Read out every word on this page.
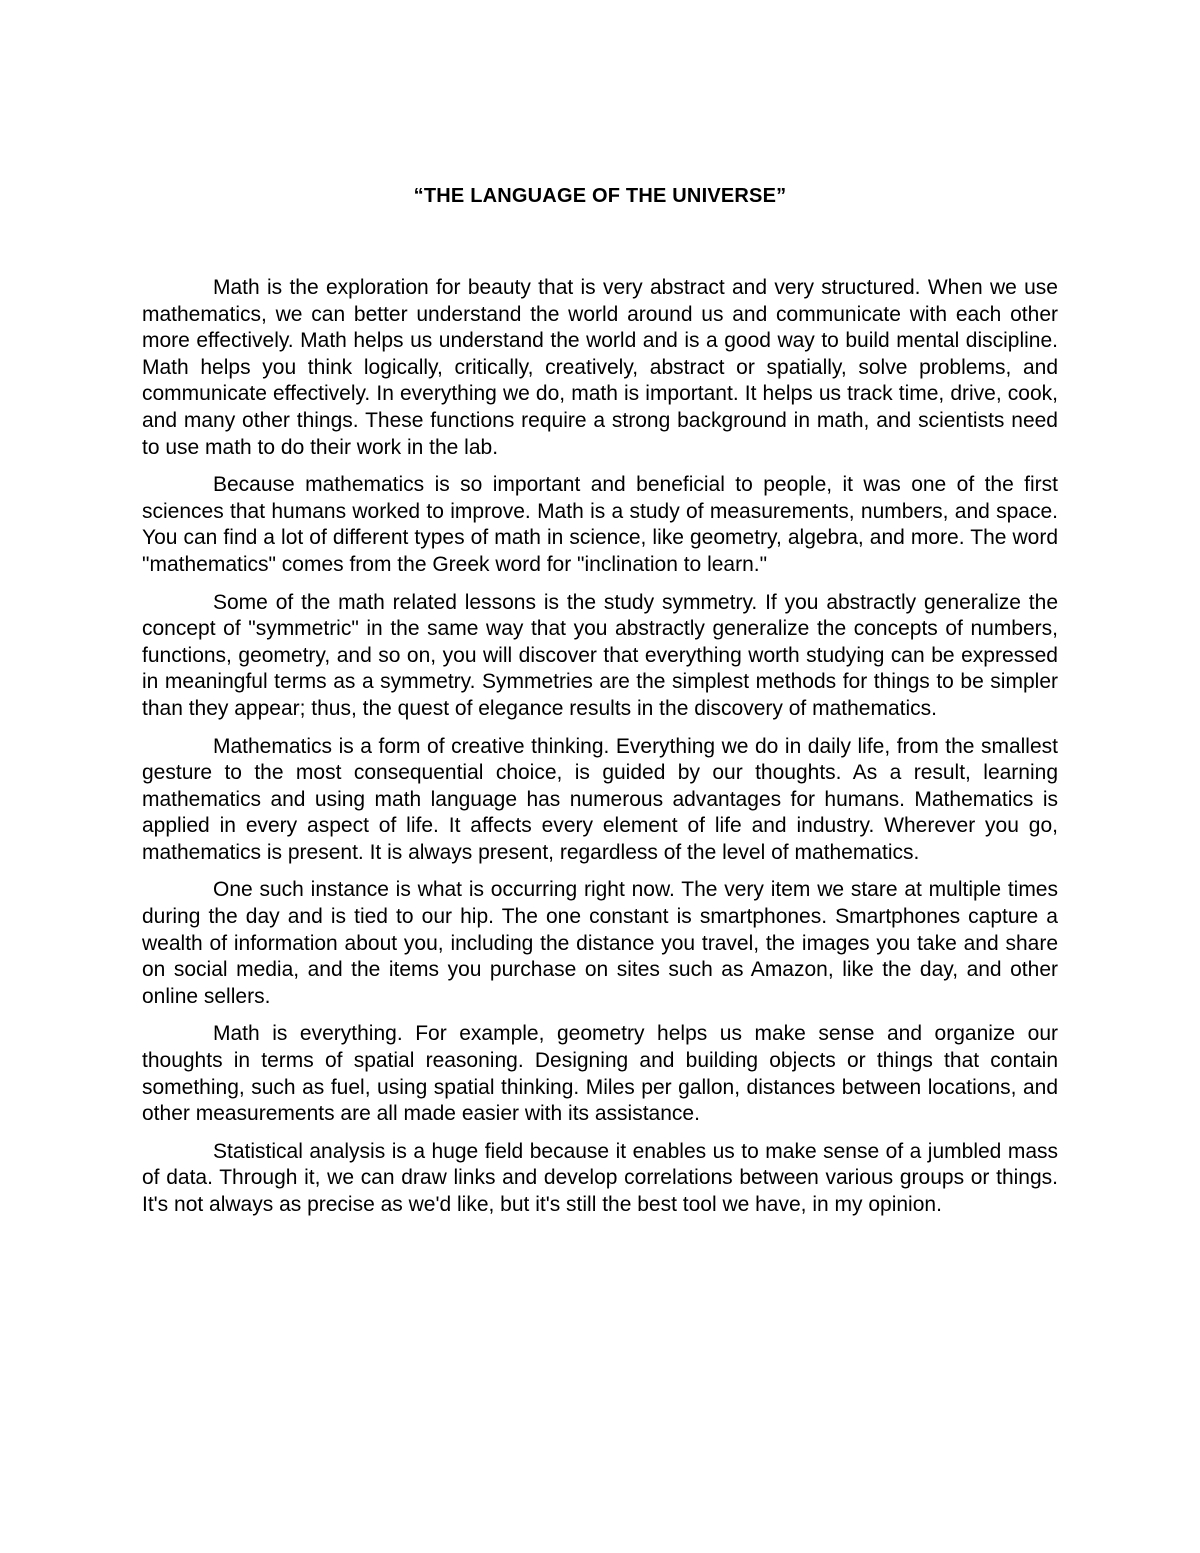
“THE LANGUAGE OF THE UNIVERSE”

Math is the exploration for beauty that is very abstract and very structured. When we use mathematics, we can better understand the world around us and communicate with each other more effectively. Math helps us understand the world and is a good way to build mental discipline. Math helps you think logically, critically, creatively, abstract or spatially, solve problems, and communicate effectively. In everything we do, math is important. It helps us track time, drive, cook, and many other things. These functions require a strong background in math, and scientists need to use math to do their work in the lab.

Because mathematics is so important and beneficial to people, it was one of the first sciences that humans worked to improve. Math is a study of measurements, numbers, and space. You can find a lot of different types of math in science, like geometry, algebra, and more. The word "mathematics" comes from the Greek word for "inclination to learn."

Some of the math related lessons is the study symmetry. If you abstractly generalize the concept of "symmetric" in the same way that you abstractly generalize the concepts of numbers, functions, geometry, and so on, you will discover that everything worth studying can be expressed in meaningful terms as a symmetry. Symmetries are the simplest methods for things to be simpler than they appear; thus, the quest of elegance results in the discovery of mathematics.

Mathematics is a form of creative thinking. Everything we do in daily life, from the smallest gesture to the most consequential choice, is guided by our thoughts. As a result, learning mathematics and using math language has numerous advantages for humans. Mathematics is applied in every aspect of life. It affects every element of life and industry. Wherever you go, mathematics is present. It is always present, regardless of the level of mathematics.

One such instance is what is occurring right now. The very item we stare at multiple times during the day and is tied to our hip. The one constant is smartphones. Smartphones capture a wealth of information about you, including the distance you travel, the images you take and share on social media, and the items you purchase on sites such as Amazon, like the day, and other online sellers.

Math is everything. For example, geometry helps us make sense and organize our thoughts in terms of spatial reasoning. Designing and building objects or things that contain something, such as fuel, using spatial thinking. Miles per gallon, distances between locations, and other measurements are all made easier with its assistance.

Statistical analysis is a huge field because it enables us to make sense of a jumbled mass of data. Through it, we can draw links and develop correlations between various groups or things. It's not always as precise as we'd like, but it's still the best tool we have, in my opinion.
